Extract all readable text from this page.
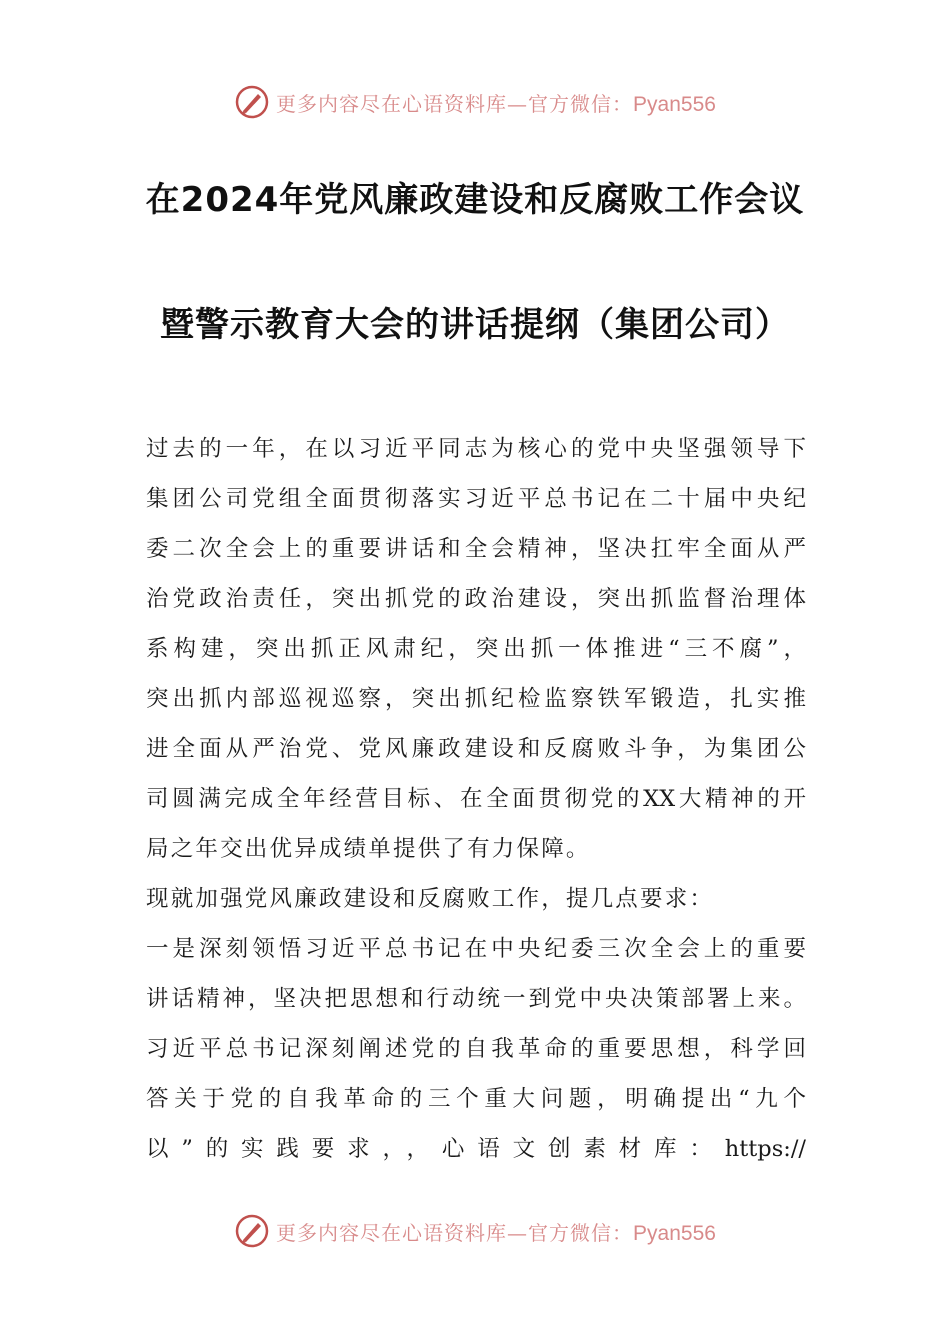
更多内容尽在心语资料库—官方微信：Pyan556
在2024年党风廉政建设和反腐败工作会议
暨警示教育大会的讲话提纲（集团公司）
过去的一年，在以习近平同志为核心的党中央坚强领导下
集团公司党组全面贯彻落实习近平总书记在二十届中央纪
委二次全会上的重要讲话和全会精神，坚决扛牢全面从严
治党政治责任，突出抓党的政治建设，突出抓监督治理体
系构建，突出抓正风肃纪，突出抓一体推进“三不腐”，
突出抓内部巡视巡察，突出抓纪检监察铁军锻造，扎实推
进全面从严治党、党风廉政建设和反腐败斗争，为集团公
司圆满完成全年经营目标、在全面贯彻党的XX大精神的开
局之年交出优异成绩单提供了有力保障。
现就加强党风廉政建设和反腐败工作，提几点要求：
一是深刻领悟习近平总书记在中央纪委三次全会上的重要
讲话精神，坚决把思想和行动统一到党中央决策部署上来。
习近平总书记深刻阐述党的自我革命的重要思想，科学回
答关于党的自我革命的三个重大问题，明确提出“九个
以”的实践要求，，心语文创素材库：https://
更多内容尽在心语资料库—官方微信：Pyan556
